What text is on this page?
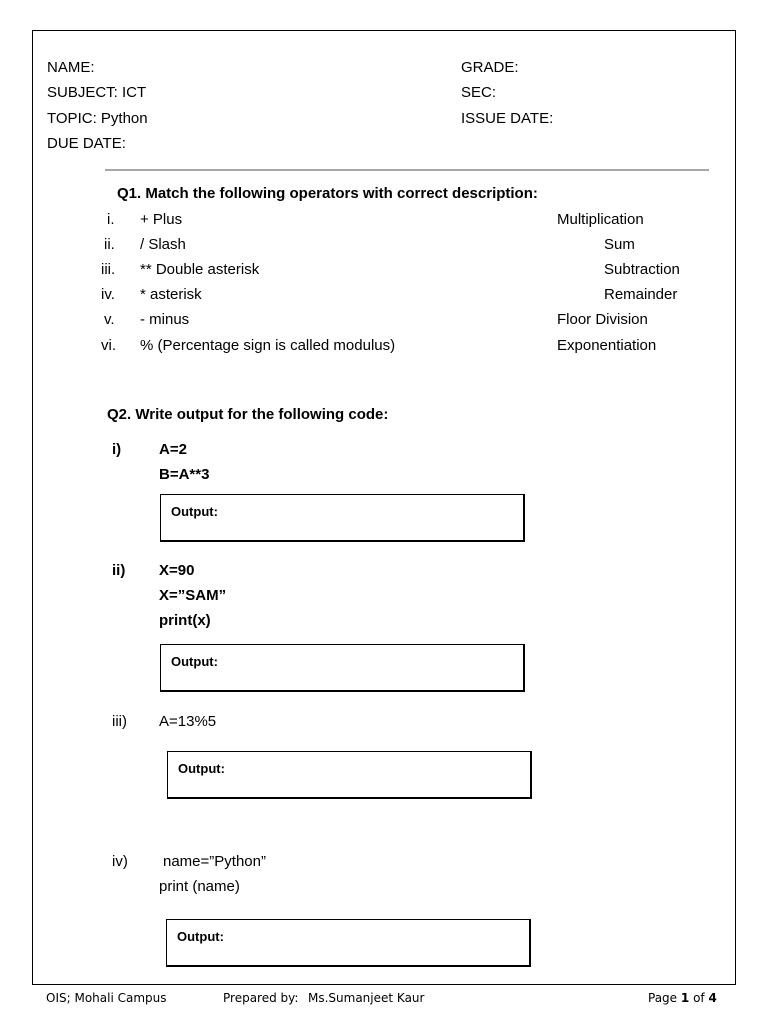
NAME:
SUBJECT: ICT
TOPIC: Python
DUE DATE:
GRADE:
SEC:
ISSUE DATE:
Q1. Match the following operators with correct description:
i. + Plus	Multiplication
ii. / Slash	Sum
iii. ** Double asterisk	Subtraction
iv. * asterisk	Remainder
v. - minus	Floor Division
vi. % (Percentage sign is called modulus)	Exponentiation
Q2. Write output for the following code:
i)	A=2
B=A**3
Output:
ii) X=90
X=”SAM”
print(x)
Output:
iii) A=13%5
Output:
iv) name=”Python”
print (name)
Output:
OIS; Mohali Campus	Prepared by: Ms.Sumanjeet Kaur	Page 1 of 4
